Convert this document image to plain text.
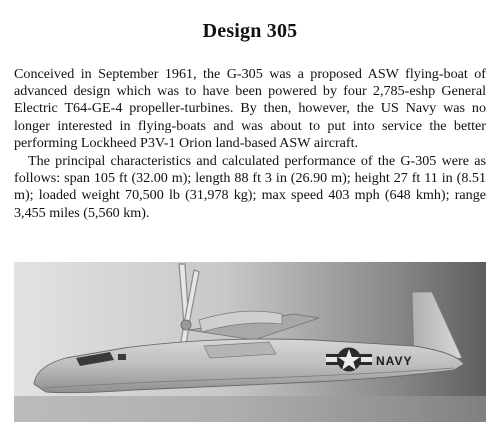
Design 305

Conceived in September 1961, the G-305 was a proposed ASW flying-boat of advanced design which was to have been powered by four 2,785-eshp General Electric T64-GE-4 propeller-turbines. By then, however, the US Navy was no longer interested in flying-boats and was about to put into service the better performing Lockheed P3V-1 Orion land-based ASW aircraft.

The principal characteristics and calculated performance of the G-305 were as follows: span 105 ft (32.00 m); length 88 ft 3 in (26.90 m); height 27 ft 11 in (8.51 m); loaded weight 70,500 lb (31,978 kg); max speed 403 mph (648 kmh); range 3,455 miles (5,560 km).

NAVY
